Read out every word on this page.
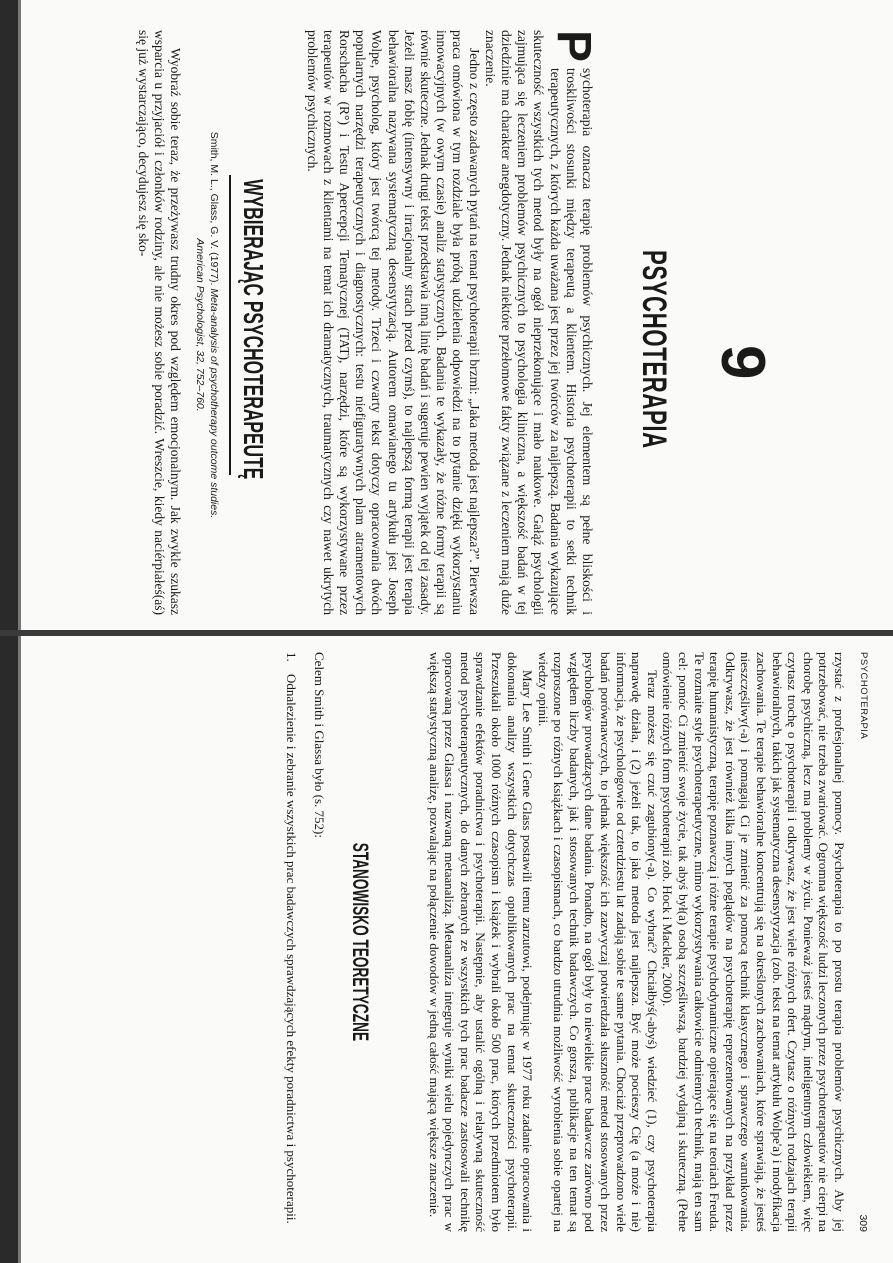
9
PSYCHOTERAPIA

P
sychoterapia oznacza terapię problemów psychicznych. Jej elementem są pełne bliskości i troskliwości stosunki między terapeutą a klientem. Historia psychoterapii to setki technik terapeutycznych, z których każda uważana jest przez jej twórców za najlepszą. Badania wykazujące skuteczność wszystkich tych metod były na ogół nieprzekonujące i mało naukowe. Gałąź psychologii zajmująca się leczeniem problemów psychicznych to psychologia kliniczna, a większość badań w tej dziedzinie ma charakter anegdotyczny. Jednak niektóre przełomowe fakty związane z leczeniem mają duże znaczenie.

Jedno z często zadawanych pytań na temat psychoterapii brzmi: „Jaka metoda jest najlepsza?”. Pierwsza praca omówiona w tym rozdziale była próbą udzielenia odpowiedzi na to pytanie dzięki wykorzystaniu innowacyjnych (w owym czasie) analiz statystycznych. Badania te wykazały, że różne formy terapii są równie skuteczne. Jednak drugi tekst przedstawia inną linię badań i sugeruje pewien wyjątek od tej zasady. Jeżeli masz fobię (intensywny i irracjonalny strach przed czymś), to najlepszą formą terapii jest terapia behawioralna nazywana systematyczną desensytyzacją. Autorem omawianego tu artykułu jest Joseph Wolpe, psycholog, który jest twórcą tej metody. Trzeci i czwarty tekst dotyczy opracowania dwóch popularnych narzędzi terapeutycznych i diagnostycznych: testu niefiguratywnych plam atramentowych Rorschacha (R°) i Testu Apercepcji Tematycznej (TAT), narzędzi, które są wykorzystywane przez terapeutów w rozmowach z klientami na temat ich dramatycznych, traumatycznych czy nawet ukrytych problemów psychicznych.

WYBIERAJĄC PSYCHOTERAPEUTĘ
Smith, M. L., Glass, G. V. (1977). Meta-analysis of psychotherapy outcome studies.
American Psychologist, 32, 752–760.

Wyobraź sobie teraz, że przeżywasz trudny okres pod względem emocjonalnym. Jak zwykle szukasz wsparcia u przyjaciół i członków rodziny, ale nie możesz sobie poradzić. Wreszcie, kiedy naciérpiałeś(aś) się już wystarczająco, decydujesz się sko-

PSYCHOTERAPIA
309

rzystać z profesjonalnej pomocy. Psychoterapia to po prostu terapia problemów psychicznych. Aby jej potrzebować, nie trzeba zwariować. Ogromna większość ludzi leczonych przez psychoterapeutów nie cierpi na chorobę psychiczną, lecz ma problemy w życiu. Ponieważ jesteś mądrym, inteligentnym człowiekiem, więc czytasz trochę o psychoterapii i odkrywasz, że jest wiele różnych ofert. Czytasz o różnych rodzajach terapii behawioralnych, takich jak systematyczna desensytyzacja (zob. tekst na temat artykułu Wolpe'a) i modyfikacja zachowania. Te terapie behawioralne koncentrują się na określonych zachowaniach, które sprawiają, że jesteś nieszczęśliwy(-a) i pomagają Ci je zmienić za pomocą technik klasycznego i sprawczego warunkowania. Odkrywasz, że jest również kilka innych poglądów na psychoterapię reprezentowanych na przykład przez terapię humanistyczną, terapię poznawczą i różne terapie psychodynamiczne opierające się na teoriach Freuda. Te rozmaite style psychoterapeutyczne, mimo wykorzystywania całkowicie odmiennych technik, mają ten sam cel: pomóc Ci zmienić swoje życie, tak abyś był(a) osobą szczęśliwszą, bardziej wydajną i skuteczną. (Pełne omówienie różnych form psychoterapii zob. Hock i Mackler, 2000).

Teraz możesz się czuć zagubiony(-a). Co wybrać? Chciałbyś(-abyś) wiedzieć (1), czy psychoterapia naprawdę działa, i (2) jeżeli tak, to jaka metoda jest najlepsza. Być może pocieszy Cię (a może i nie) informacja, że psychologowie od czterdziestu lat zadają sobie te same pytania. Chociaż przeprowadzono wiele badań porównawczych, to jednak większość ich zazwyczaj potwierdzała słuszność metod stosowanych przez psychologów prowadzących dane badania. Ponadto, na ogół były to niewielkie prace badawcze zarówno pod względem liczby badanych, jak i stosowanych technik badawczych. Co gorsza, publikacje na ten temat są rozproszone po różnych książkach i czasopismach, co bardzo utrudnia możliwość wyrobienia sobie opartej na wiedzy opinii.

Mary Lee Smith i Gene Glass postawili temu zarzutowi, podejmując w 1977 roku zadanie opracowania i dokonania analizy wszystkich dotychczas opublikowanych prac na temat skuteczności psychoterapii. Przeszukali około 1000 różnych czasopism i książek i wybrali około 500 prac, których przedmiotem było sprawdzanie efektów poradnictwa i psychoterapii. Następnie, aby ustalić ogólną i relatywną skuteczność metod psychoterapeutycznych, do danych zebranych ze wszystkich tych prac badacze zastosowali technikę opracowaną przez Glassa i nazwaną metaanalizą. Metaanaliza integruje wyniki wielu pojedynczych prac w większą statystyczną analizę, pozwalając na połączenie dowodów w jedną całość mającą większe znaczenie.

STANOWISKO TEORETYCZNE
Celem Smith i Glassa było (s. 752):
1.
Odnalezienie i zebranie wszystkich prac badawczych sprawdzających efekty poradnictwa i psychoterapii.
